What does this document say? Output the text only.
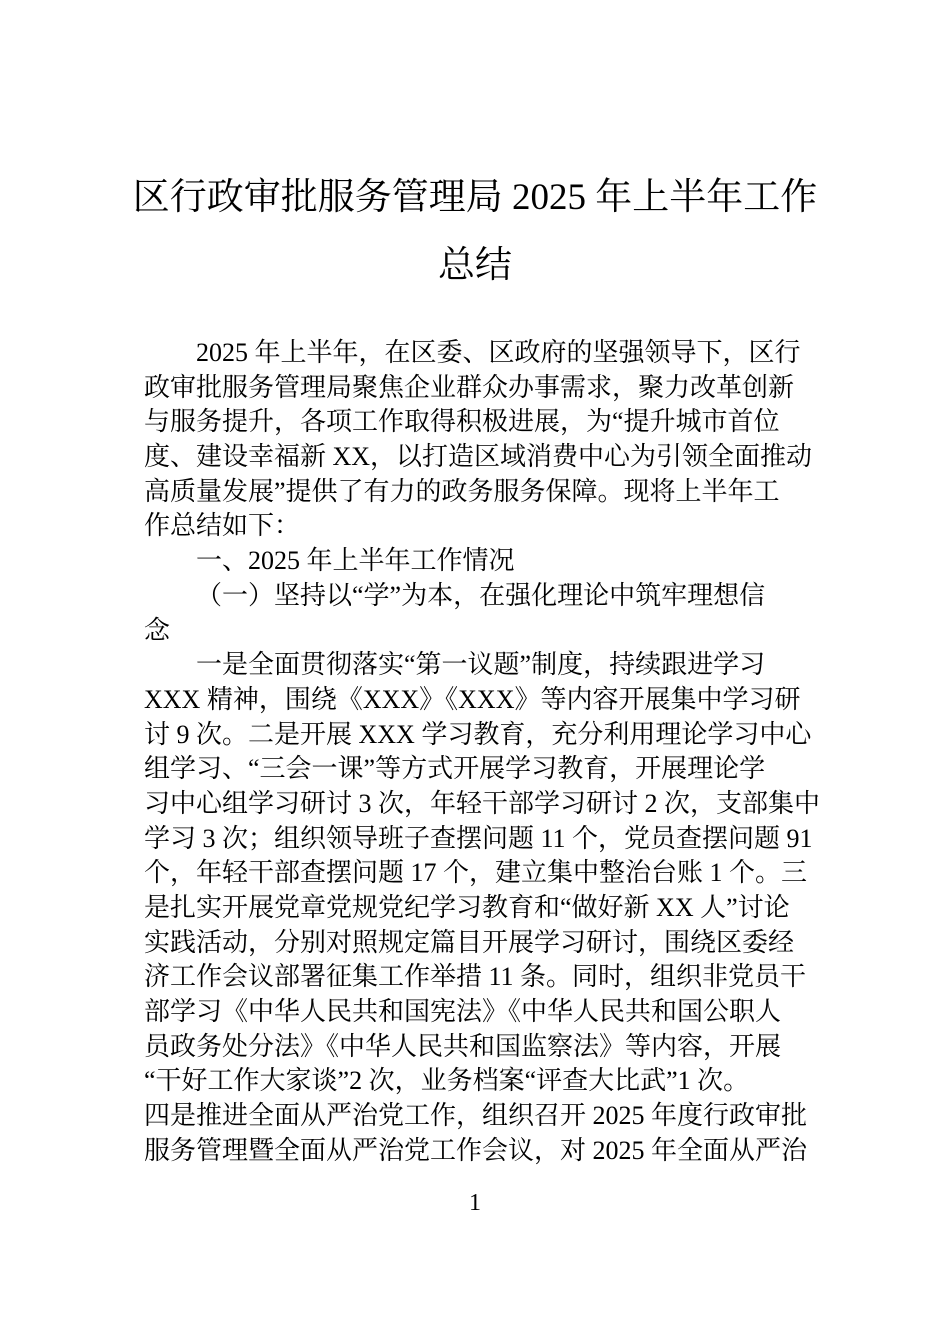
区行政审批服务管理局 2025 年上半年工作
总结
2025 年上半年，在区委、区政府的坚强领导下，区行
政审批服务管理局聚焦企业群众办事需求，聚力改革创新
与服务提升，各项工作取得积极进展，为“提升城市首位
度、建设幸福新 XX，以打造区域消费中心为引领全面推动
高质量发展”提供了有力的政务服务保障。现将上半年工
作总结如下：
一、2025 年上半年工作情况
（一）坚持以“学”为本，在强化理论中筑牢理想信
念
一是全面贯彻落实“第一议题”制度，持续跟进学习
XXX 精神，围绕《XXX》《XXX》等内容开展集中学习研
讨 9 次。二是开展 XXX 学习教育，充分利用理论学习中心
组学习、“三会一课”等方式开展学习教育，开展理论学
习中心组学习研讨 3 次，年轻干部学习研讨 2 次，支部集中
学习 3 次；组织领导班子查摆问题 11 个，党员查摆问题 91
个，年轻干部查摆问题 17 个，建立集中整治台账 1 个。三
是扎实开展党章党规党纪学习教育和“做好新 XX 人”讨论
实践活动，分别对照规定篇目开展学习研讨，围绕区委经
济工作会议部署征集工作举措 11 条。同时，组织非党员干
部学习《中华人民共和国宪法》《中华人民共和国公职人
员政务处分法》《中华人民共和国监察法》等内容，开展
“干好工作大家谈”2 次，业务档案“评查大比武”1 次。
四是推进全面从严治党工作，组织召开 2025 年度行政审批
服务管理暨全面从严治党工作会议，对 2025 年全面从严治
1
